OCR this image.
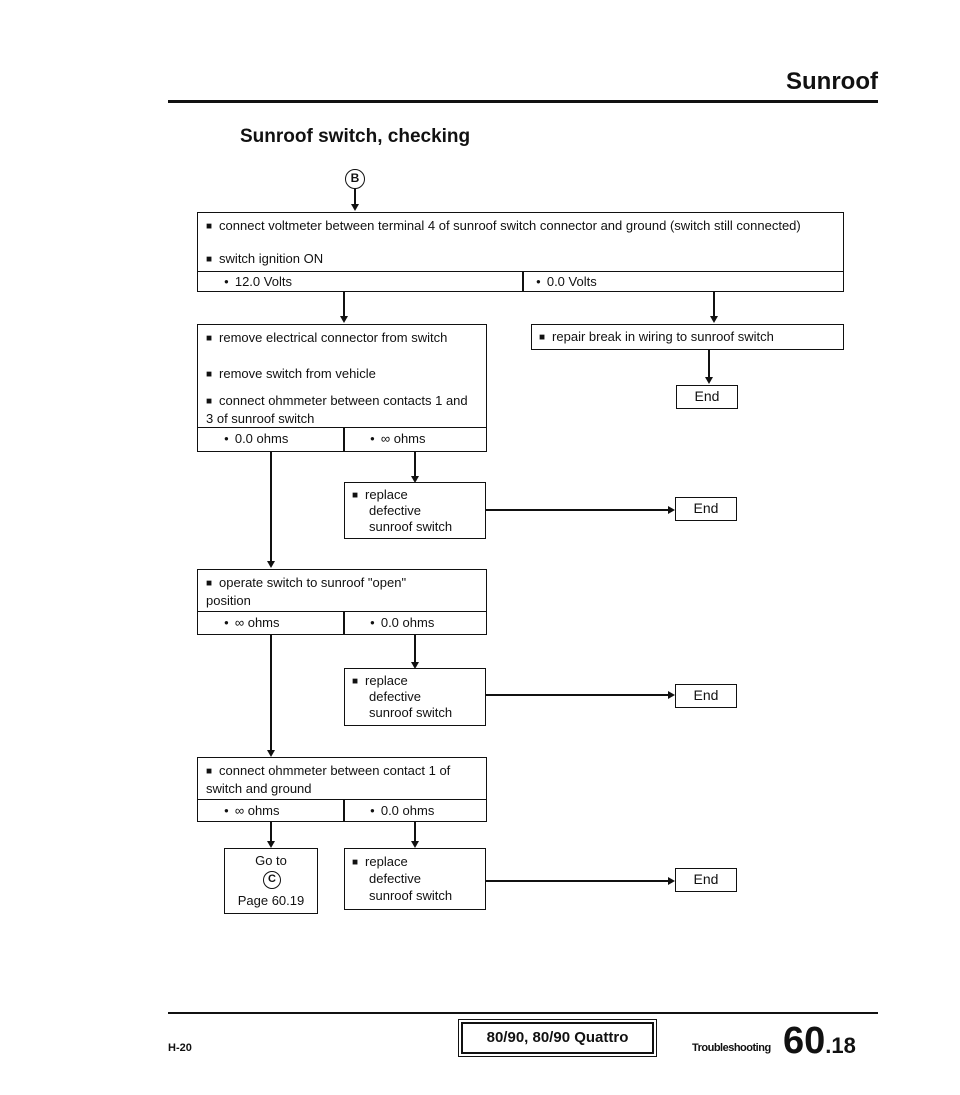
Sunroof
Sunroof switch, checking
B
■ connect voltmeter between terminal 4 of sunroof switch connector and ground (switch still connected)
■ switch ignition ON
● 12.0 Volts	● 0.0 Volts
■ repair break in wiring to sunroof switch
End
■ remove electrical connector from switch
■ remove switch from vehicle
■ connect ohmmeter between contacts 1 and 3 of sunroof switch
● 0.0 ohms	● ∞ ohms
■ replace
defective
sunroof switch
End
■ operate switch to sunroof "open" position
● ∞ ohms	● 0.0 ohms
■ replace
defective
sunroof switch
End
■ connect ohmmeter between contact 1 of switch and ground
● ∞ ohms	● 0.0 ohms
Go to
C
Page 60.19
■ replace
defective
sunroof switch
End
H-20
80/90, 80/90 Quattro
Troubleshooting 60.18
